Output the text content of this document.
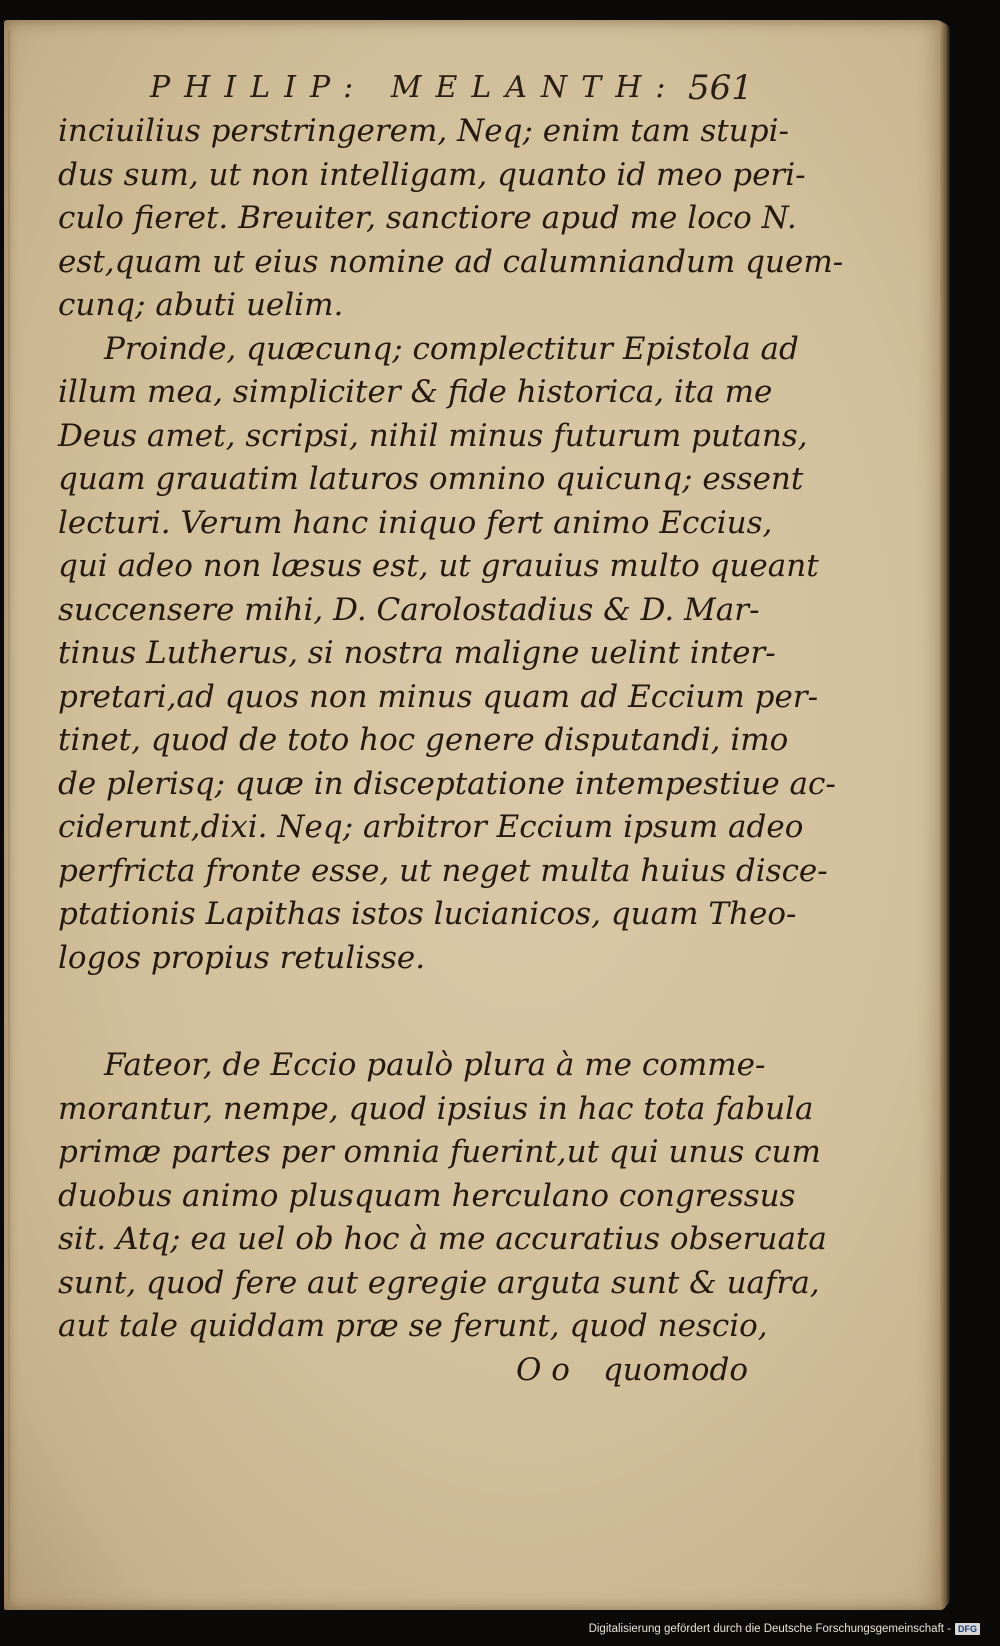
PHILIP: MELANTH: 561
inciuilius perstringerem, Neq; enim tam stupi-
dus sum, ut non intelligam, quanto id meo peri-
culo fieret. Breuiter, sanctiore apud me loco N.
est,quam ut eius nomine ad calumniandum quem-
cunq; abuti uelim.
Proinde, quæcunq; complectitur Epistola ad
illum mea, simpliciter & fide historica, ita me
Deus amet, scripsi, nihil minus futurum putans,
quam grauatim laturos omnino quicunq; essent
lecturi. Verum hanc iniquo fert animo Eccius,
qui adeo non læsus est, ut grauius multo queant
succensere mihi, D. Carolostadius & D. Mar-
tinus Lutherus, si nostra maligne uelint inter-
pretari,ad quos non minus quam ad Eccium per-
tinet, quod de toto hoc genere disputandi, imo
de plerisq; quæ in disceptatione intempestiue ac-
ciderunt,dixi. Neq; arbitror Eccium ipsum adeo
perfricta fronte esse, ut neget multa huius disce-
ptationis Lapithas istos lucianicos, quam Theo-
logos propius retulisse.
Fateor, de Eccio paulò plura à me comme-
morantur, nempe, quod ipsius in hac tota fabula
primæ partes per omnia fuerint,ut qui unus cum
duobus animo plusquam herculano congressus
sit. Atq; ea uel ob hoc à me accuratius obseruata
sunt, quod fere aut egregie arguta sunt & uafra,
aut tale quiddam præ se ferunt, quod nescio,
O o quomodo
Digitalisierung gefördert durch die Deutsche Forschungsgemeinschaft - DFG
